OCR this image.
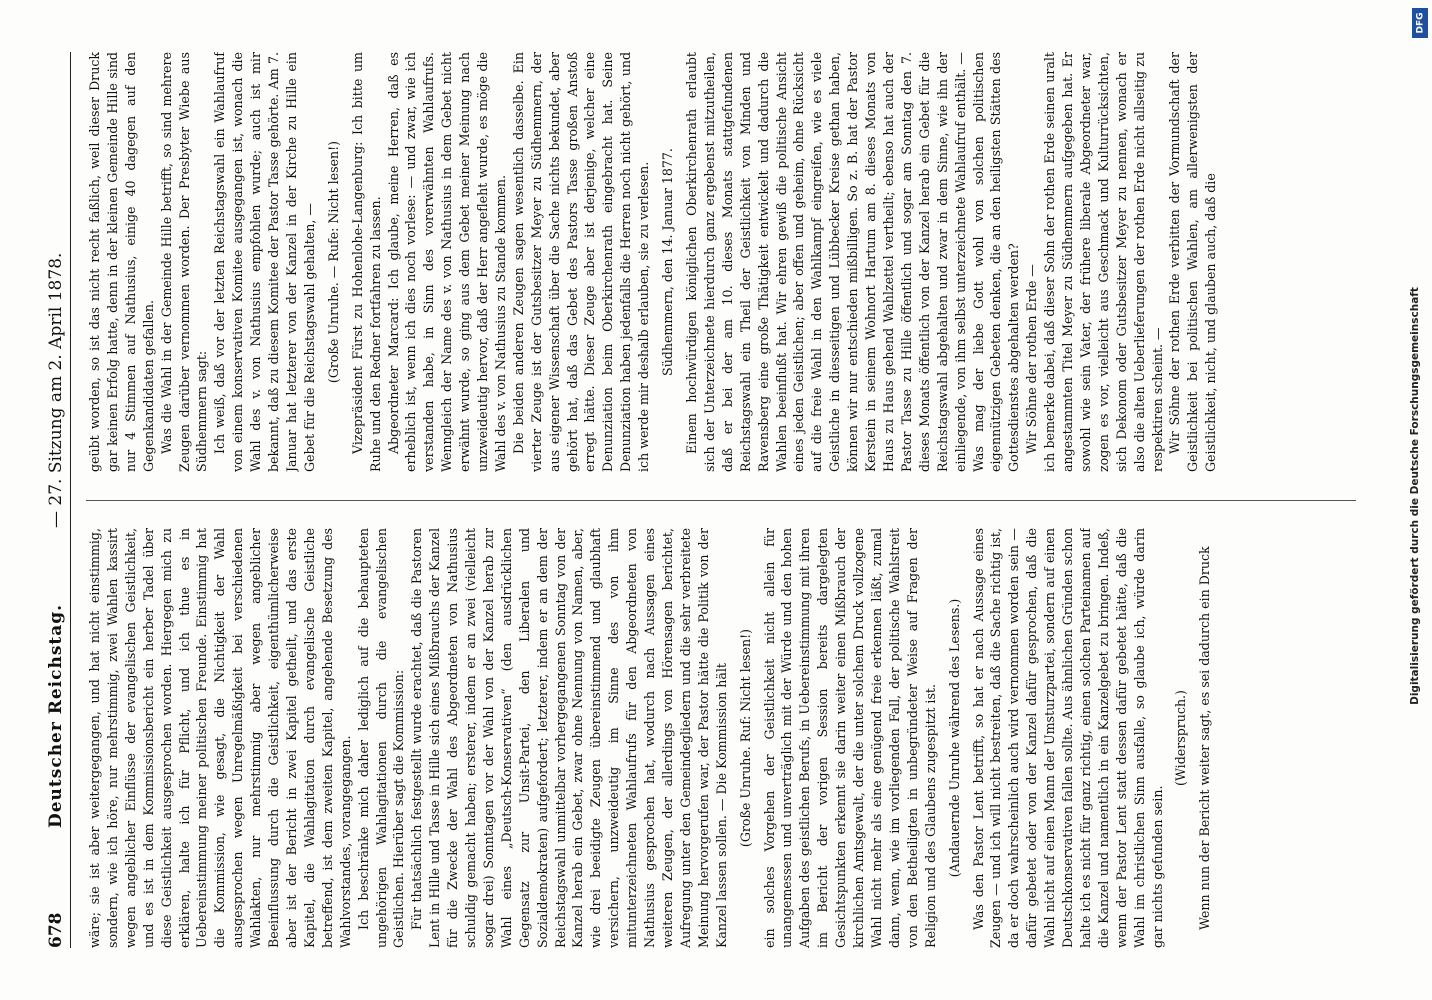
678
Deutscher Reichstag.
— 27. Sitzung am 2. April 1878.

wäre; sie ist aber weitergegangen, und hat nicht einstimmig, sondern, wie ich höre, nur mehrstimmig, zwei Wahlen kassirt wegen angeblicher Einflüsse der evangelischen Geistlichkeit, und es ist in dem Kommissionsbericht ein herber Tadel über diese Geistlichkeit ausgesprochen worden. Hiergegen mich zu erklären, halte ich für Pflicht, und ich thue es in Uebereinstimmung meiner politischen Freunde. Einstimmig hat die Kommission, wie gesagt, die Nichtigkeit der Wahl ausgesprochen wegen Unregelmäßigkeit bei verschiedenen Wahlakten, nur mehrstimmig aber wegen angeblicher Beeinflussung durch die Geistlichkeit, eigenthümlicherweise aber ist der Bericht in zwei Kapitel getheilt, und das erste Kapitel, die Wahlagitation durch evangelische Geistliche betreffend, ist dem zweiten Kapitel, angehende Besetzung des Wahlvorstandes, vorangegangen. Ich beschränke mich daher lediglich auf die behaupteten ungehörigen Wahlagitationen durch die evangelischen Geistlichen. Hierüber sagt die Kommission: Für thatsächlich festgestellt wurde erachtet, daß die Pastoren Lent in Hille und Tasse in Hille sich eines Mißbrauchs der Kanzel für die Zwecke der Wahl des Abgeordneten von Nathusius schuldig gemacht haben; ersterer, indem er an zwei (vielleicht sogar drei) Sonntagen vor der Wahl von der Kanzel herab zur Wahl eines „Deutsch-Konservativen“ (den ausdrücklichen Gegensatz zur Unsit-Partei, den Liberalen und Sozialdemokraten) aufgefordert; letzterer, indem er an dem der Reichstagswahl unmittelbar vorhergegangenen Sonntag von der Kanzel herab ein Gebet, zwar ohne Nennung von Namen, aber, wie drei beeidigte Zeugen übereinstimmend und glaubhaft versichern, unzweideutig im Sinne des von ihm mitunterzeichneten Wahlaufrufs für den Abgeordneten von Nathusius gesprochen hat, wodurch nach Aussagen eines weiteren Zeugen, der allerdings von Hörensagen berichtet, Aufregung unter den Gemeindegliedern und die sehr verbreitete Meinung hervorgerufen war, der Pastor hätte die Politik von der Kanzel lassen sollen. — Die Kommission hält (Große Unruhe. Ruf: Nicht lesen!) ein solches Vorgehen der Geistlichkeit nicht allein für unangemessen und unverträglich mit der Würde und den hohen Aufgaben des geistlichen Berufs, in Uebereinstimmung mit ihren im Bericht der vorigen Session bereits dargelegten Gesichtspunkten erkennt sie darin weiter einen Mißbrauch der kirchlichen Amtsgewalt, der die unter solchem Druck vollzogene Wahl nicht mehr als eine genügend freie erkennen läßt, zumal dann, wenn, wie im vorliegenden Fall, der politische Wahlstreit von den Betheiligten in unbegründeter Weise auf Fragen der Religion und des Glaubens zugespitzt ist. (Andauernde Unruhe während des Lesens.) Was den Pastor Lent betrifft, so hat er nach Aussage eines Zeugen — und ich will nicht bestreiten, daß die Sache richtig ist, da er doch wahrscheinlich auch wird vernommen worden sein — dafür gebetet oder von der Kanzel dafür gesprochen, daß die Wahl nicht auf einen Mann der Umsturzpartei, sondern auf einen Deutschkonservativen fallen sollte. Aus ähnlichen Gründen schon halte ich es nicht für ganz richtig, einen solchen Parteinamen auf die Kanzel und namentlich in ein Kanzelgebet zu bringen. Indeß, wenn der Pastor Lent statt dessen dafür gebetet hätte, daß die Wahl im christlichen Sinn ausfalle, so glaube ich, würde darin gar nichts gefunden sein.

(Widerspruch.) Wenn nun der Bericht weiter sagt, es sei dadurch ein Druck

geübt worden, so ist das nicht recht faßlich, weil dieser Druck gar keinen Erfolg hatte, denn in der kleinen Gemeinde Hille sind nur 4 Stimmen auf Nathusius, einige 40 dagegen auf den Gegenkandidaten gefallen. Was die Wahl in der Gemeinde Hille betrifft, so sind mehrere Zeugen darüber vernommen worden. Der Presbyter Wiebe aus Südhemmern sagt: Ich weiß, daß vor der letzten Reichstagswahl ein Wahlaufruf von einem konservativen Komitee ausgegangen ist, wonach die Wahl des v. von Nathusius empfohlen wurde; auch ist mir bekannt, daß zu diesem Komitee der Pastor Tasse gehörte. Am 7. Januar hat letzterer von der Kanzel in der Kirche zu Hille ein Gebet für die Reichstagswahl gehalten, — (Große Unruhe. — Rufe: Nicht lesen!) Vizepräsident Fürst zu Hohenlohe-Langenburg: Ich bitte um Ruhe und den Redner fortfahren zu lassen. Abgeordneter Marcard: Ich glaube, meine Herren, daß es erheblich ist, wenn ich dies noch vorlese: — und zwar, wie ich verstanden habe, in Sinn des vorerwähnten Wahlaufrufs. Wenngleich der Name des v. von Nathusius in dem Gebet nicht erwähnt wurde, so ging aus dem Gebet meiner Meinung nach unzweideutig hervor, daß der Herr angefleht wurde, es möge die Wahl des v. von Nathusius zu Stande kommen. Die beiden anderen Zeugen sagen wesentlich dasselbe. Ein vierter Zeuge ist der Gutsbesitzer Meyer zu Südhemmern, der aus eigener Wissenschaft über die Sache nichts bekundet, aber gehört hat, daß das Gebet des Pastors Tasse großen Anstoß erregt hätte. Dieser Zeuge aber ist derjenige, welcher eine Denunziation beim Oberkirchenrath eingebracht hat. Seine Denunziation haben jedenfalls die Herren noch nicht gehört, und ich werde mir deshalb erlauben, sie zu verlesen. Südhemmern, den 14. Januar 1877. Einem hochwürdigen königlichen Oberkirchenrath erlaubt sich der Unterzeichnete hierdurch ganz ergebenst mitzutheilen, daß er bei der am 10. dieses Monats stattgefundenen Reichstagswahl ein Theil der Geistlichkeit von Minden und Ravensberg eine große Thätigkeit entwickelt und dadurch die Wahlen beeinflußt hat. Wir ehren gewiß die politische Ansicht eines jeden Geistlichen; aber offen und geheim, ohne Rücksicht auf die freie Wahl in den Wahlkampf eingreifen, wie es viele Geistliche in diesseitigen und Lübbecker Kreise gethan haben, können wir nur entschieden mißbilligen. So z. B. hat der Pastor Kerstein in seinem Wohnort Hartum am 8. dieses Monats von Haus zu Haus gehend Wahlzettel vertheilt; ebenso hat auch der Pastor Tasse zu Hille öffentlich und sogar am Sonntag den 7. dieses Monats öffentlich von der Kanzel herab ein Gebet für die Reichstagswahl abgehalten und zwar in dem Sinne, wie ihn der einliegende, von ihm selbst unterzeichnete Wahlaufruf enthält. — Was mag der liebe Gott wohl von solchen politischen eigennützigen Gebeten denken, die an den heiligsten Stätten des Gottesdienstes abgehalten werden? Wir Söhne der rothen Erde — ich bemerke dabei, daß dieser Sohn der rothen Erde seinen uralt angestammten Titel Meyer zu Südhemmern aufgegeben hat. Er sowohl wie sein Vater, der frühere liberale Abgeordneter war, zogen es vor, vielleicht aus Geschmack und Kulturrücksichten, sich Dekonom oder Gutsbesitzer Meyer zu nennen, wonach er also die alten Ueberlieferungen der rothen Erde nicht allseitig zu respektiren scheint. — Wir Söhne der rothen Erde verbitten der Vormundschaft der Geistlichkeit bei politischen Wahlen, am allerwenigsten der Geistlichkeit, nicht, und glauben auch, daß die

DFG
Digitalisierung gefördert durch die Deutsche Forschungsgemeinschaft
